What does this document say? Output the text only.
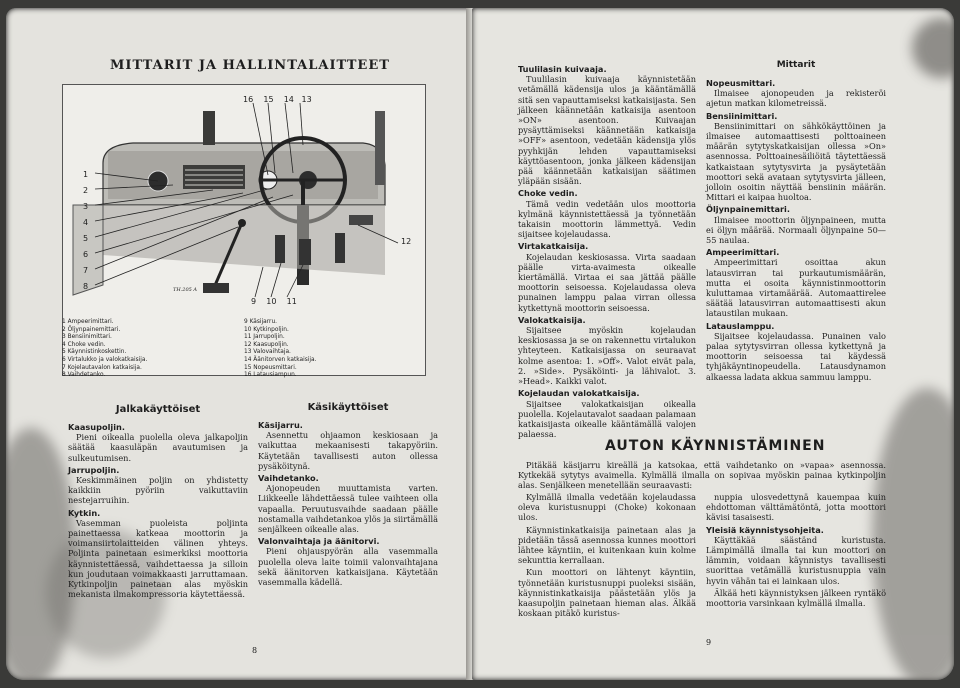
MITTARIT JA HALLINTALAITTEET
16 15 14 13
1
2
3
4
5
6
7
8
12
9 10 11
TH.205 A
1 Ampeerimittari.
2 Öljynpainemittari.
3 Bensiinimittari.
4 Choke vedin.
5 Käynnistinkoskettin.
6 Virtalukko ja valokatkaisija.
7 Kojelautavalon katkaisija.
8 Vaihdetanko.
9 Käsijarru.
10 Kytkinpoljin.
11 Jarrupoljin.
12 Kaasupoljin.
13 Valovaihtaja.
14 Äänitorven katkaisija.
15 Nopeusmittari.
16 Latausiampun.
Jalkakäyttöiset
Kaasupoljin.

Pieni oikealla puolella oleva jalkapoljin säätää kaasuläpän avautumisen ja sulkeutumisen.

Jarrupoljin.

Keskimmäinen poljin on yhdistetty kaikkiin pyöriin vaikuttaviin nestejarruihin.

Kytkin.

Vasemman puoleista poljinta painettaessa katkeaa moottorin ja voimansiirtolaitteiden välinen yhteys. Poljinta painetaan esimerkiksi moottoria käynnistettäessä, vaihdettaessa ja silloin kun joudutaan voimakkaasti jarruttamaan. Kytkinpoljin painetaan alas myöskin mekanista ilmakompressoria käytettäessä.

Käsikäyttöiset
Käsijarru.

Asennettu ohjaamon keskiosaan ja vaikuttaa mekaanisesti takapyöriin. Käytetään tavallisesti auton ollessa pysäköitynä.

Vaihdetanko.

Ajonopeuden muuttamista varten. Liikkeelle lähdettäessä tulee vaihteen olla vapaalla. Peruutusvaihde saadaan päälle nostamalla vaihdetankoa ylös ja siirtämällä senjälkeen oikealle alas.

Valonvaihtaja ja äänitorvi.

Pieni ohjauspyörän alla vasemmalla puolella oleva laite toimii valonvaihtajana sekä äänitorven katkaisijana. Käytetään vasemmalla kädellä.

8
Tuulilasin kuivaaja.

Tuulilasin kuivaaja käynnistetään vetämällä kädensija ulos ja kääntämällä sitä sen vapauttamiseksi katkaisijasta. Sen jälkeen käännetään katkaisija asentoon »ON» asentoon. Kuivaajan pysäyttämiseksi käännetään katkaisija »OFF» asentoon, vedetään kädensija ylös pyyhkijän lehden vapauttamiseksi käyttöasentoon, jonka jälkeen kädensijan pää käännetään katkaisijan säätimen yläpään sisään.

Choke vedin.

Tämä vedin vedetään ulos moottoria kylmänä käynnistettäessä ja työnnetään takaisin moottorin lämmettyä. Vedin sijaitsee kojelaudassa.

Virtakatkaisija.

Kojelaudan keskiosassa. Virta saadaan päälle virta-avaimesta oikealle kiertämällä. Virtaa ei saa jättää päälle moottorin seisoessa. Kojelaudassa oleva punainen lamppu palaa virran ollessa kytkettynä moottorin seisoessa.

Valokatkaisija.

Sijaitsee myöskin kojelaudan keskiosassa ja se on rakennettu virtalukon yhteyteen. Katkaisijassa on seuraavat kolme asentoa: 1. »Off». Valot eivät pala, 2. »Side». Pysäköinti- ja lähivalot. 3. »Head». Kaikki valot.

Kojelaudan valokatkaisija.

Sijaitsee valokatkaisijan oikealla puolella. Kojelautavalot saadaan palamaan katkaisijasta oikealle kääntämällä valojen palaessa.

Mittarit
Nopeusmittari.

Ilmaisee ajonopeuden ja rekisteröi ajetun matkan kilometreissä.

Bensiinimittari.

Bensiinimittari on sähkökäyttöinen ja ilmaisee automaattisesti polttoaineen määrän sytytyskatkaisijan ollessa »On» asennossa. Polttoainesäiliöitä täytettäessä katkaistaan sytytysvirta ja pysäytetään moottori sekä avataan sytytysvirta jälleen, jolloin osoitin näyttää bensiinin määrän. Mittari ei kaipaa huoltoa.

Öljynpainemittari.

Ilmaisee moottorin öljynpaineen, mutta ei öljyn määrää. Normaali öljynpaine 50—55 naulaa.

Ampeerimittari.

Ampeerimittari osoittaa akun latausvirran tai purkautumismäärän, mutta ei osoita käynnistinmoottorin kuluttamaa virtamäärää. Automaattirelee säätää latausvirran automaattisesti akun lataustilan mukaan.

Latauslamppu.

Sijaitsee kojelaudassa. Punainen valo palaa sytytysvirran ollessa kytkettynä ja moottorin seisoessa tai käydessä tyhjäkäyntinopeudella. Latausdynamon alkaessa ladata akkua sammuu lamppu.

AUTON KÄYNNISTÄMINEN

Pitäkää käsijarru kireällä ja katsokaa, että vaihdetanko on »vapaa» asennossa. Kytkekää sytytys avaimella. Kylmällä ilmalla on sopivaa myöskin painaa kytkinpoljin alas. Senjälkeen menetellään seuraavasti:

Kylmällä ilmalla vedetään kojelaudassa oleva kuristusnuppi (Choke) kokonaan ulos.

Käynnistinkatkaisija painetaan alas ja pidetään tässä asennossa kunnes moottori lähtee käyntiin, ei kuitenkaan kuin kolme sekunttia kerrallaan.

Kun moottori on lähtenyt käyntiin, työnnetään kuristusnuppi puoleksi sisään, käynnistinkatkaisija päästetään ylös ja kaasupoljin painetaan hieman alas. Älkää koskaan pitäkö kuristus-

nuppia ulosvedettynä kauempaa kuin ehdottoman välttämätöntä, jotta moottori kävisi tasaisesti.

Yleisiä käynnistysohjeita.

Käyttäkää sääständ kuristusta. Lämpimällä ilmalla tai kun moottori on lämmin, voidaan käynnistys tavallisesti suorittaa vetämällä kuristusnuppia vain hyvin vähän tai ei lainkaan ulos.

Älkää heti käynnistyksen jälkeen ryntäkö moottoria varsinkaan kylmällä ilmalla.

9
